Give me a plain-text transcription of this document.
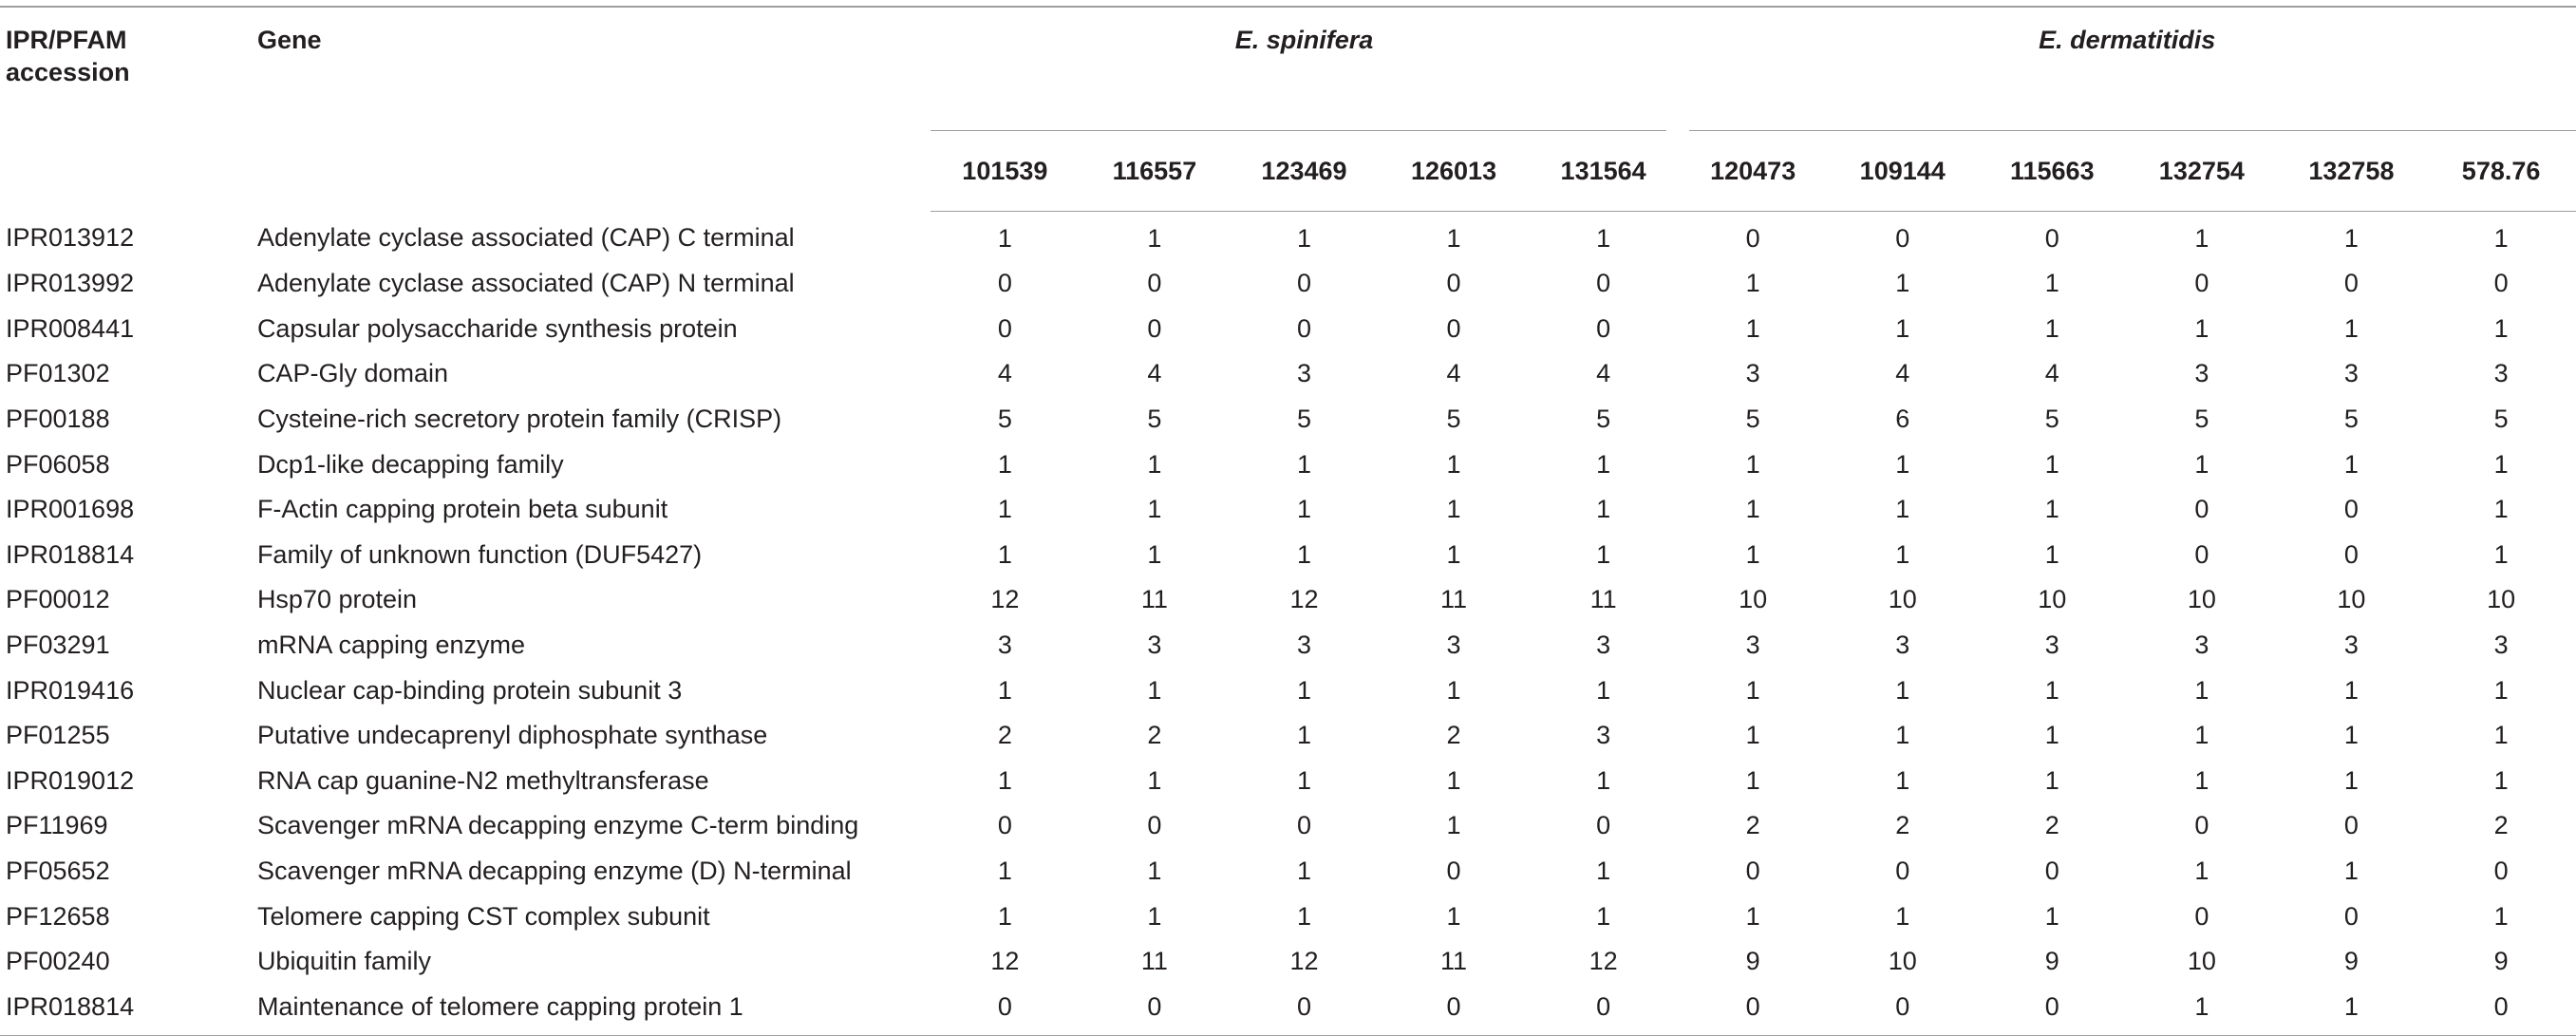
IPR/PFAM accession	Gene	E. spinifera					E. dermatitidis					

		101539	116557	123469	126013	131564	120473	109144	115663	132754	132758	578.76
IPR013912	Adenylate cyclase associated (CAP) C terminal	1	1	1	1	1	0	0	0	1	1	1
IPR013992	Adenylate cyclase associated (CAP) N terminal	0	0	0	0	0	1	1	1	0	0	0
IPR008441	Capsular polysaccharide synthesis protein	0	0	0	0	0	1	1	1	1	1	1
PF01302	CAP-Gly domain	4	4	3	4	4	3	4	4	3	3	3
PF00188	Cysteine-rich secretory protein family (CRISP)	5	5	5	5	5	5	6	5	5	5	5
PF06058	Dcp1-like decapping family	1	1	1	1	1	1	1	1	1	1	1
IPR001698	F-Actin capping protein beta subunit	1	1	1	1	1	1	1	1	0	0	1
IPR018814	Family of unknown function (DUF5427)	1	1	1	1	1	1	1	1	0	0	1
PF00012	Hsp70 protein	12	11	12	11	11	10	10	10	10	10	10
PF03291	mRNA capping enzyme	3	3	3	3	3	3	3	3	3	3	3
IPR019416	Nuclear cap-binding protein subunit 3	1	1	1	1	1	1	1	1	1	1	1
PF01255	Putative undecaprenyl diphosphate synthase	2	2	1	2	3	1	1	1	1	1	1
IPR019012	RNA cap guanine-N2 methyltransferase	1	1	1	1	1	1	1	1	1	1	1
PF11969	Scavenger mRNA decapping enzyme C-term binding	0	0	0	1	0	2	2	2	0	0	2
PF05652	Scavenger mRNA decapping enzyme (D) N-terminal	1	1	1	0	1	0	0	0	1	1	0
PF12658	Telomere capping CST complex subunit	1	1	1	1	1	1	1	1	0	0	1
PF00240	Ubiquitin family	12	11	12	11	12	9	10	9	10	9	9
IPR018814	Maintenance of telomere capping protein 1	0	0	0	0	0	0	0	0	1	1	0
